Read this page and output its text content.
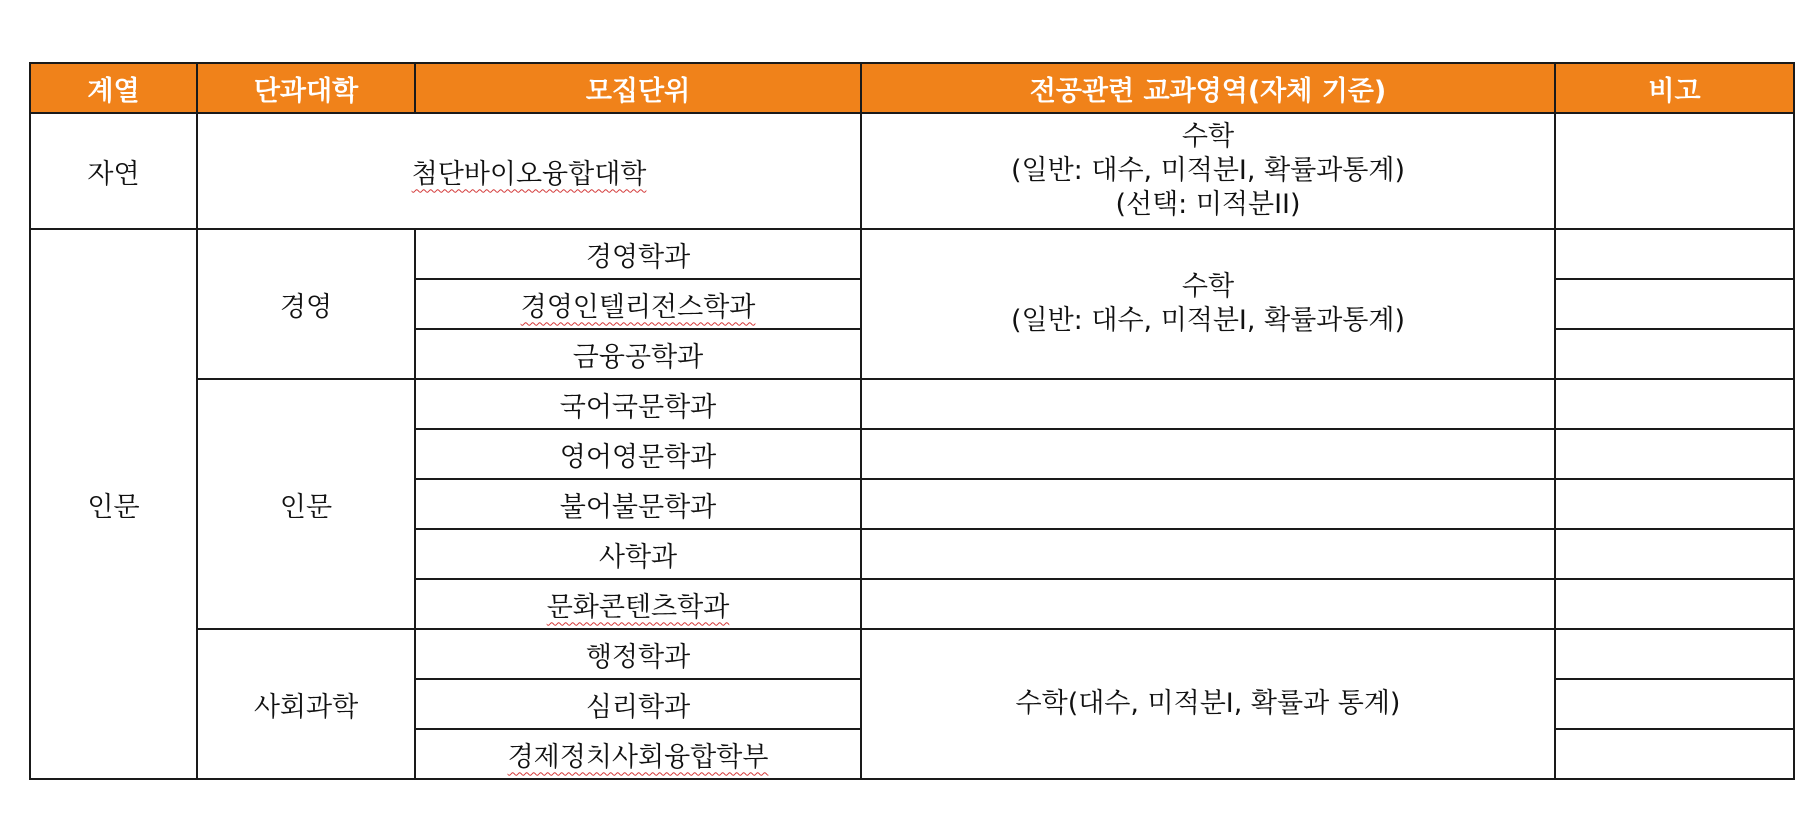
계열	단과대학	모집단위	전공관련 교과영역(자체 기준)	비고
자연	첨단바이오융합대학		수학
(일반: 대수, 미적분I, 확률과통계)
(선택: 미적분II)	

인문	경영	경영학과	수학
(일반: 대수, 미적분I, 확률과통계)	

		경영인텔리전스학과		
		금융공학과		
	인문	국어국문학과		
		영어영문학과		
		불어불문학과		
		사학과		
		문화콘텐츠학과		
	사회과학	행정학과	수학(대수, 미적분I, 확률과 통계)	
		심리학과		
		경제정치사회융합학부		
